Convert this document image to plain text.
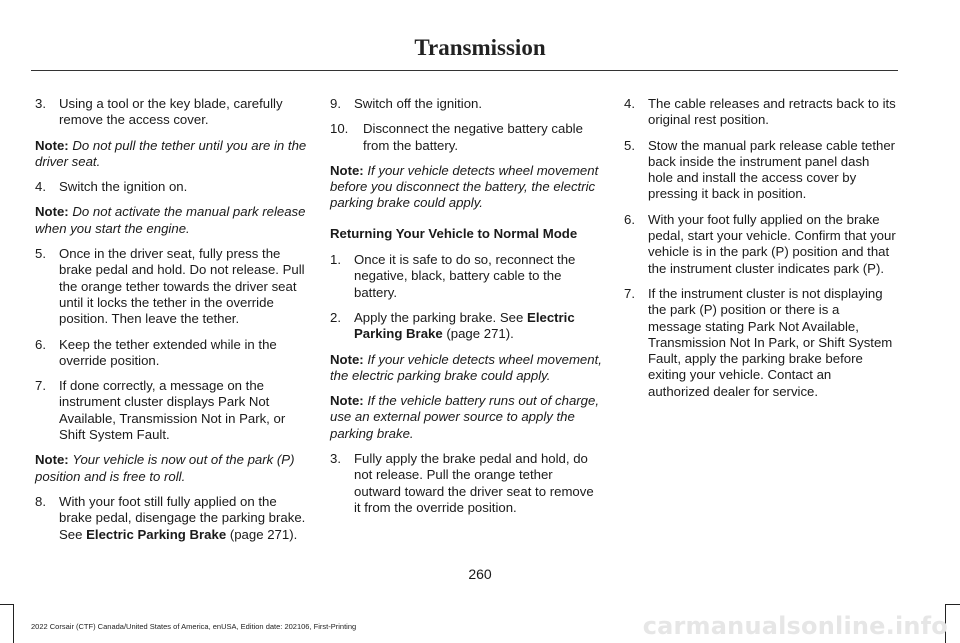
Transmission
3. Using a tool or the key blade, carefully remove the access cover.
Note: Do not pull the tether until you are in the driver seat.
4. Switch the ignition on.
Note: Do not activate the manual park release when you start the engine.
5. Once in the driver seat, fully press the brake pedal and hold. Do not release. Pull the orange tether towards the driver seat until it locks the tether in the override position. Then leave the tether.
6. Keep the tether extended while in the override position.
7. If done correctly, a message on the instrument cluster displays Park Not Available, Transmission Not in Park, or Shift System Fault.
Note: Your vehicle is now out of the park (P) position and is free to roll.
8. With your foot still fully applied on the brake pedal, disengage the parking brake. See Electric Parking Brake (page 271).
9. Switch off the ignition.
10. Disconnect the negative battery cable from the battery.
Note: If your vehicle detects wheel movement before you disconnect the battery, the electric parking brake could apply.
Returning Your Vehicle to Normal Mode
1. Once it is safe to do so, reconnect the negative, black, battery cable to the battery.
2. Apply the parking brake. See Electric Parking Brake (page 271).
Note: If your vehicle detects wheel movement, the electric parking brake could apply.
Note: If the vehicle battery runs out of charge, use an external power source to apply the parking brake.
3. Fully apply the brake pedal and hold, do not release. Pull the orange tether outward toward the driver seat to remove it from the override position.
4. The cable releases and retracts back to its original rest position.
5. Stow the manual park release cable tether back inside the instrument panel dash hole and install the access cover by pressing it back in position.
6. With your foot fully applied on the brake pedal, start your vehicle. Confirm that your vehicle is in the park (P) position and that the instrument cluster indicates park (P).
7. If the instrument cluster is not displaying the park (P) position or there is a message stating Park Not Available, Transmission Not In Park, or Shift System Fault, apply the parking brake before exiting your vehicle. Contact an authorized dealer for service.
260
2022 Corsair (CTF) Canada/United States of America, enUSA, Edition date: 202106, First-Printing	carmanualsonline.info
